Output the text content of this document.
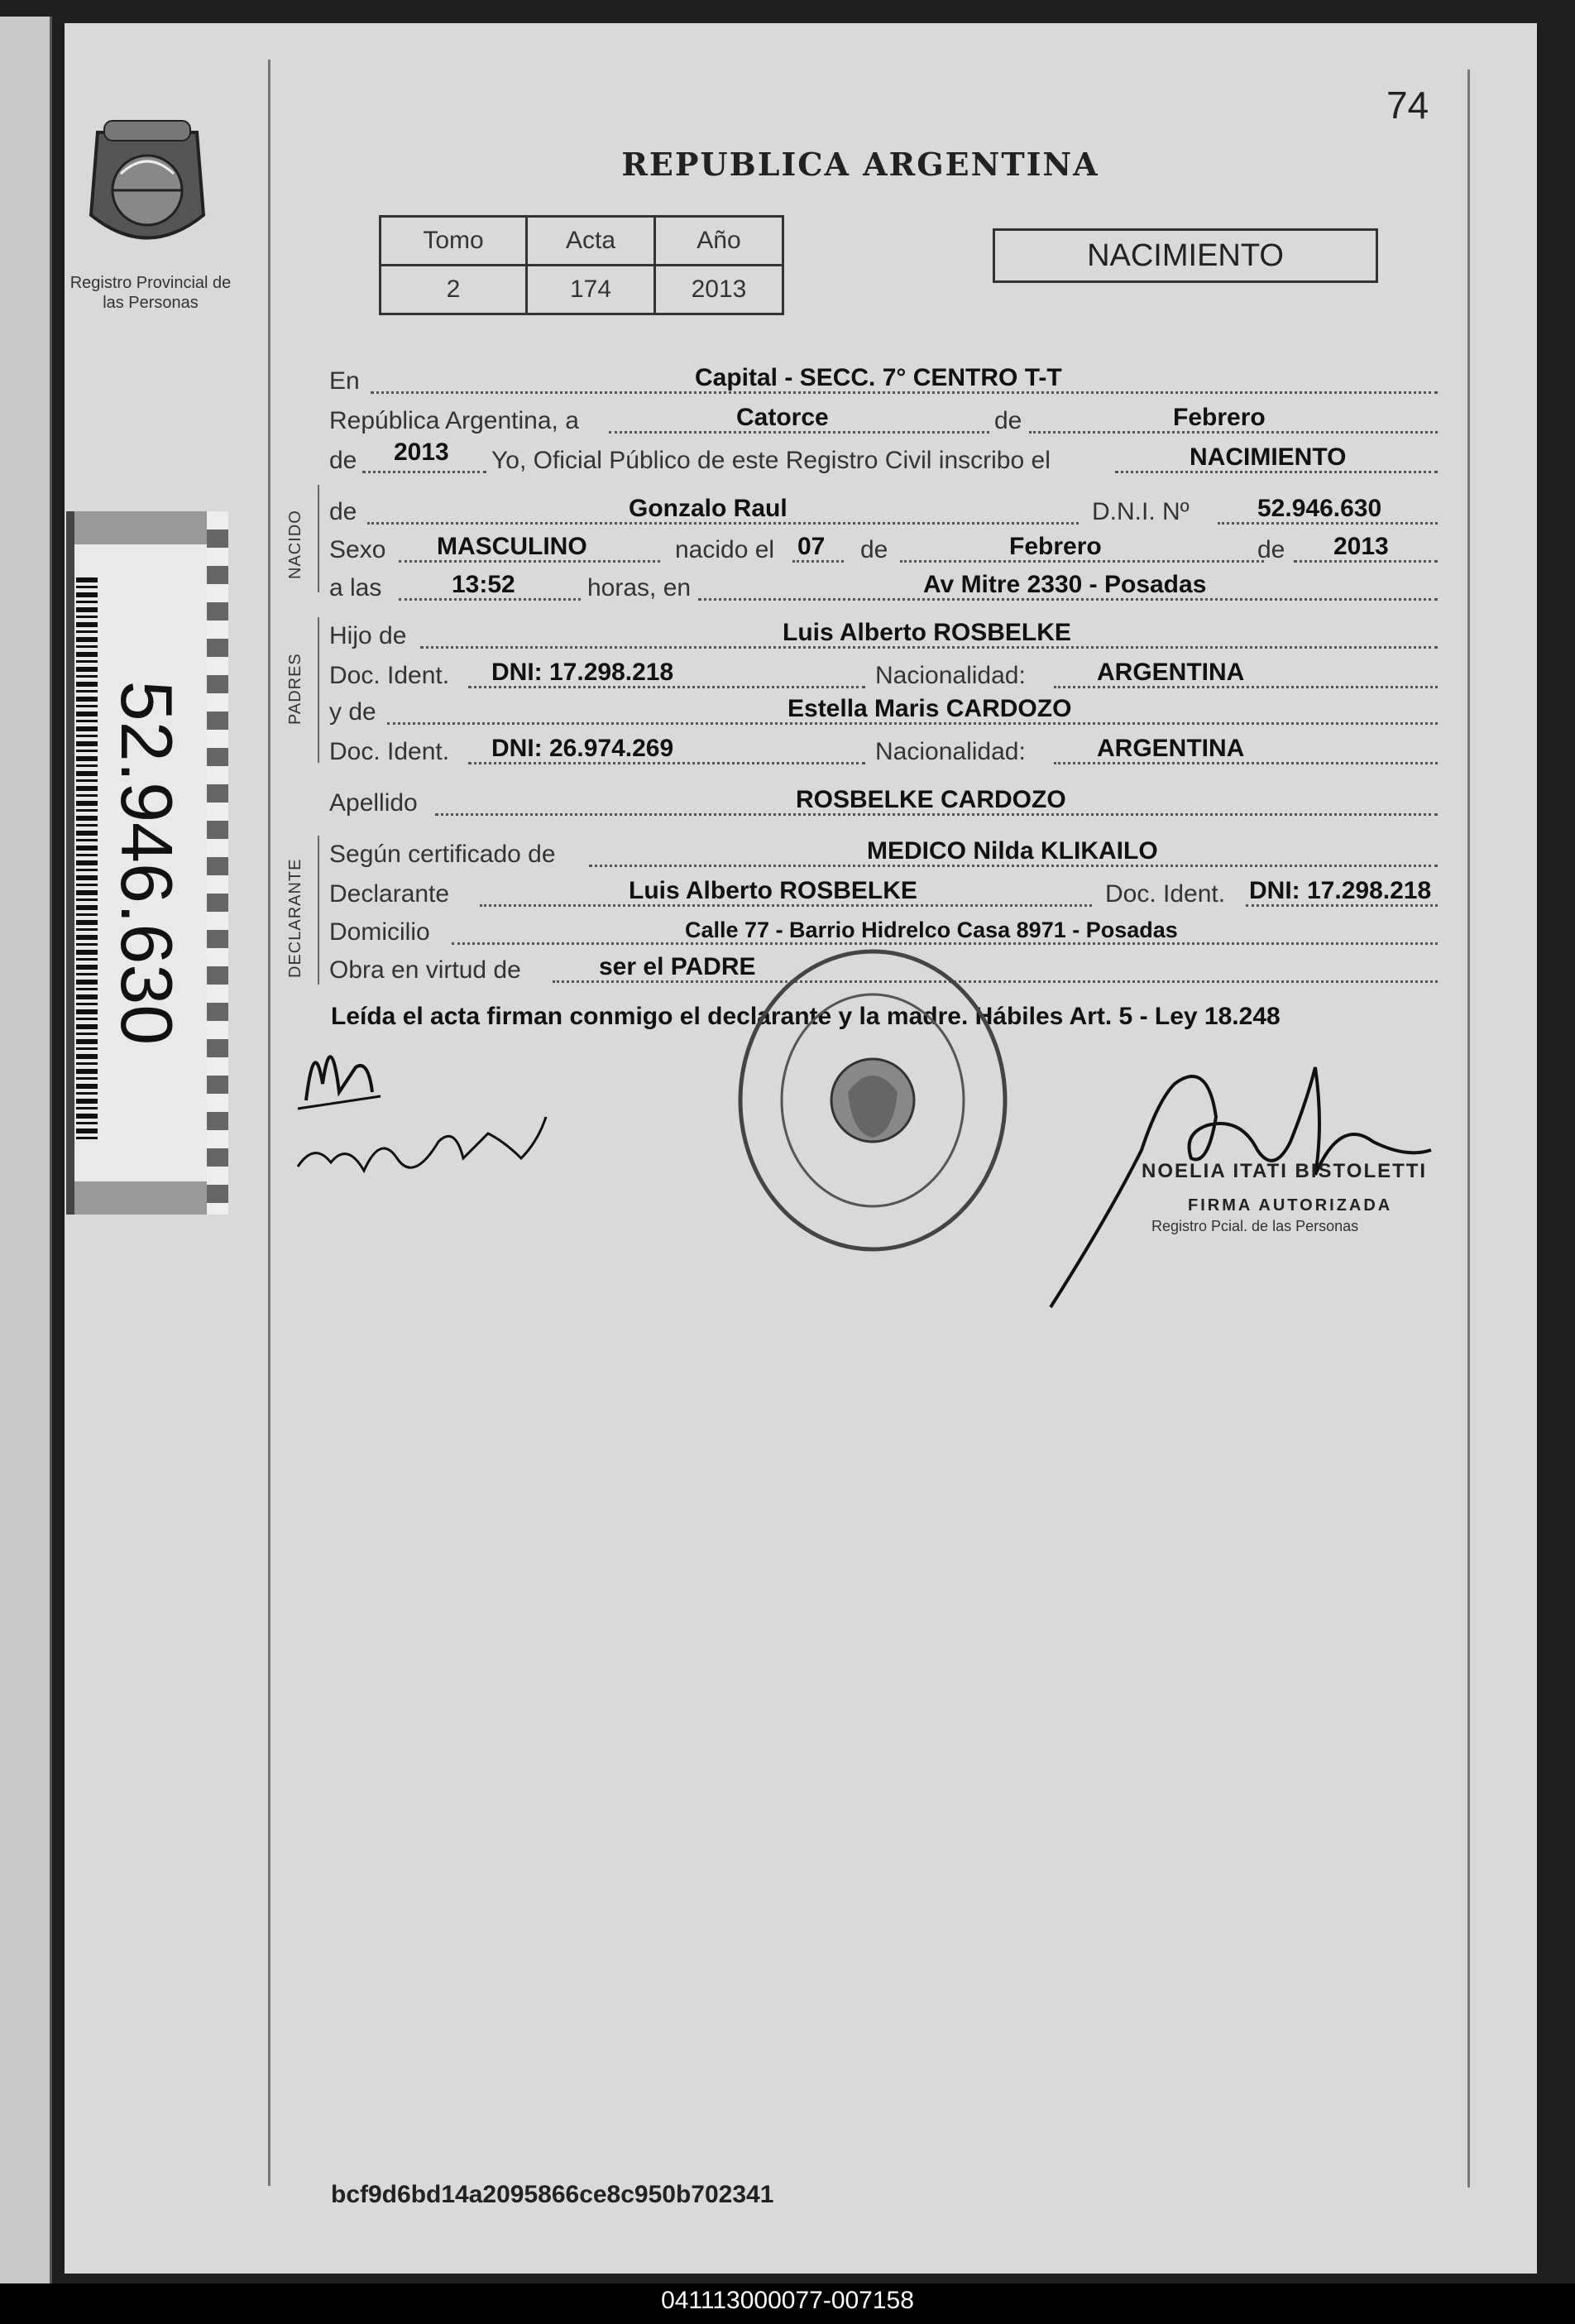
74
Registro Provincial de las Personas
REPUBLICA ARGENTINA
Tomo	Acta	Año
2	174	2013
NACIMIENTO
52.946.630
En	Capital - SECC. 7° CENTRO T-T
República Argentina, a	Catorce	de	Febrero
de 2013 Yo, Oficial Público de este Registro Civil inscribo el	NACIMIENTO
NACIDO de	Gonzalo Raul	D.N.I. Nº	52.946.630
Sexo MASCULINO	nacido el 07 de	Febrero	de 2013
a las	13:52	horas, en	Av Mitre 2330 - Posadas
PADRES
Hijo de	Luis Alberto ROSBELKE
Doc. Ident. DNI: 17.298.218	Nacionalidad:	ARGENTINA
y de	Estella Maris CARDOZO
Doc. Ident. DNI: 26.974.269	Nacionalidad:	ARGENTINA
Apellido	ROSBELKE CARDOZO
DECLARANTE
Según certificado de	MEDICO Nilda KLIKAILO
Declarante	Luis Alberto ROSBELKE	Doc. Ident. DNI: 17.298.218
Domicilio	Calle 77 - Barrio Hidrelco Casa 8971 - Posadas
Obra en virtud de	ser el PADRE
Leída el acta firman conmigo el declarante y la madre. Hábiles Art. 5 - Ley 18.248
NOELIA ITATI BISTOLETTI
FIRMA AUTORIZADA
Registro Pcial. de las Personas
bcf9d6bd14a2095866ce8c950b702341
041113000077-007158
